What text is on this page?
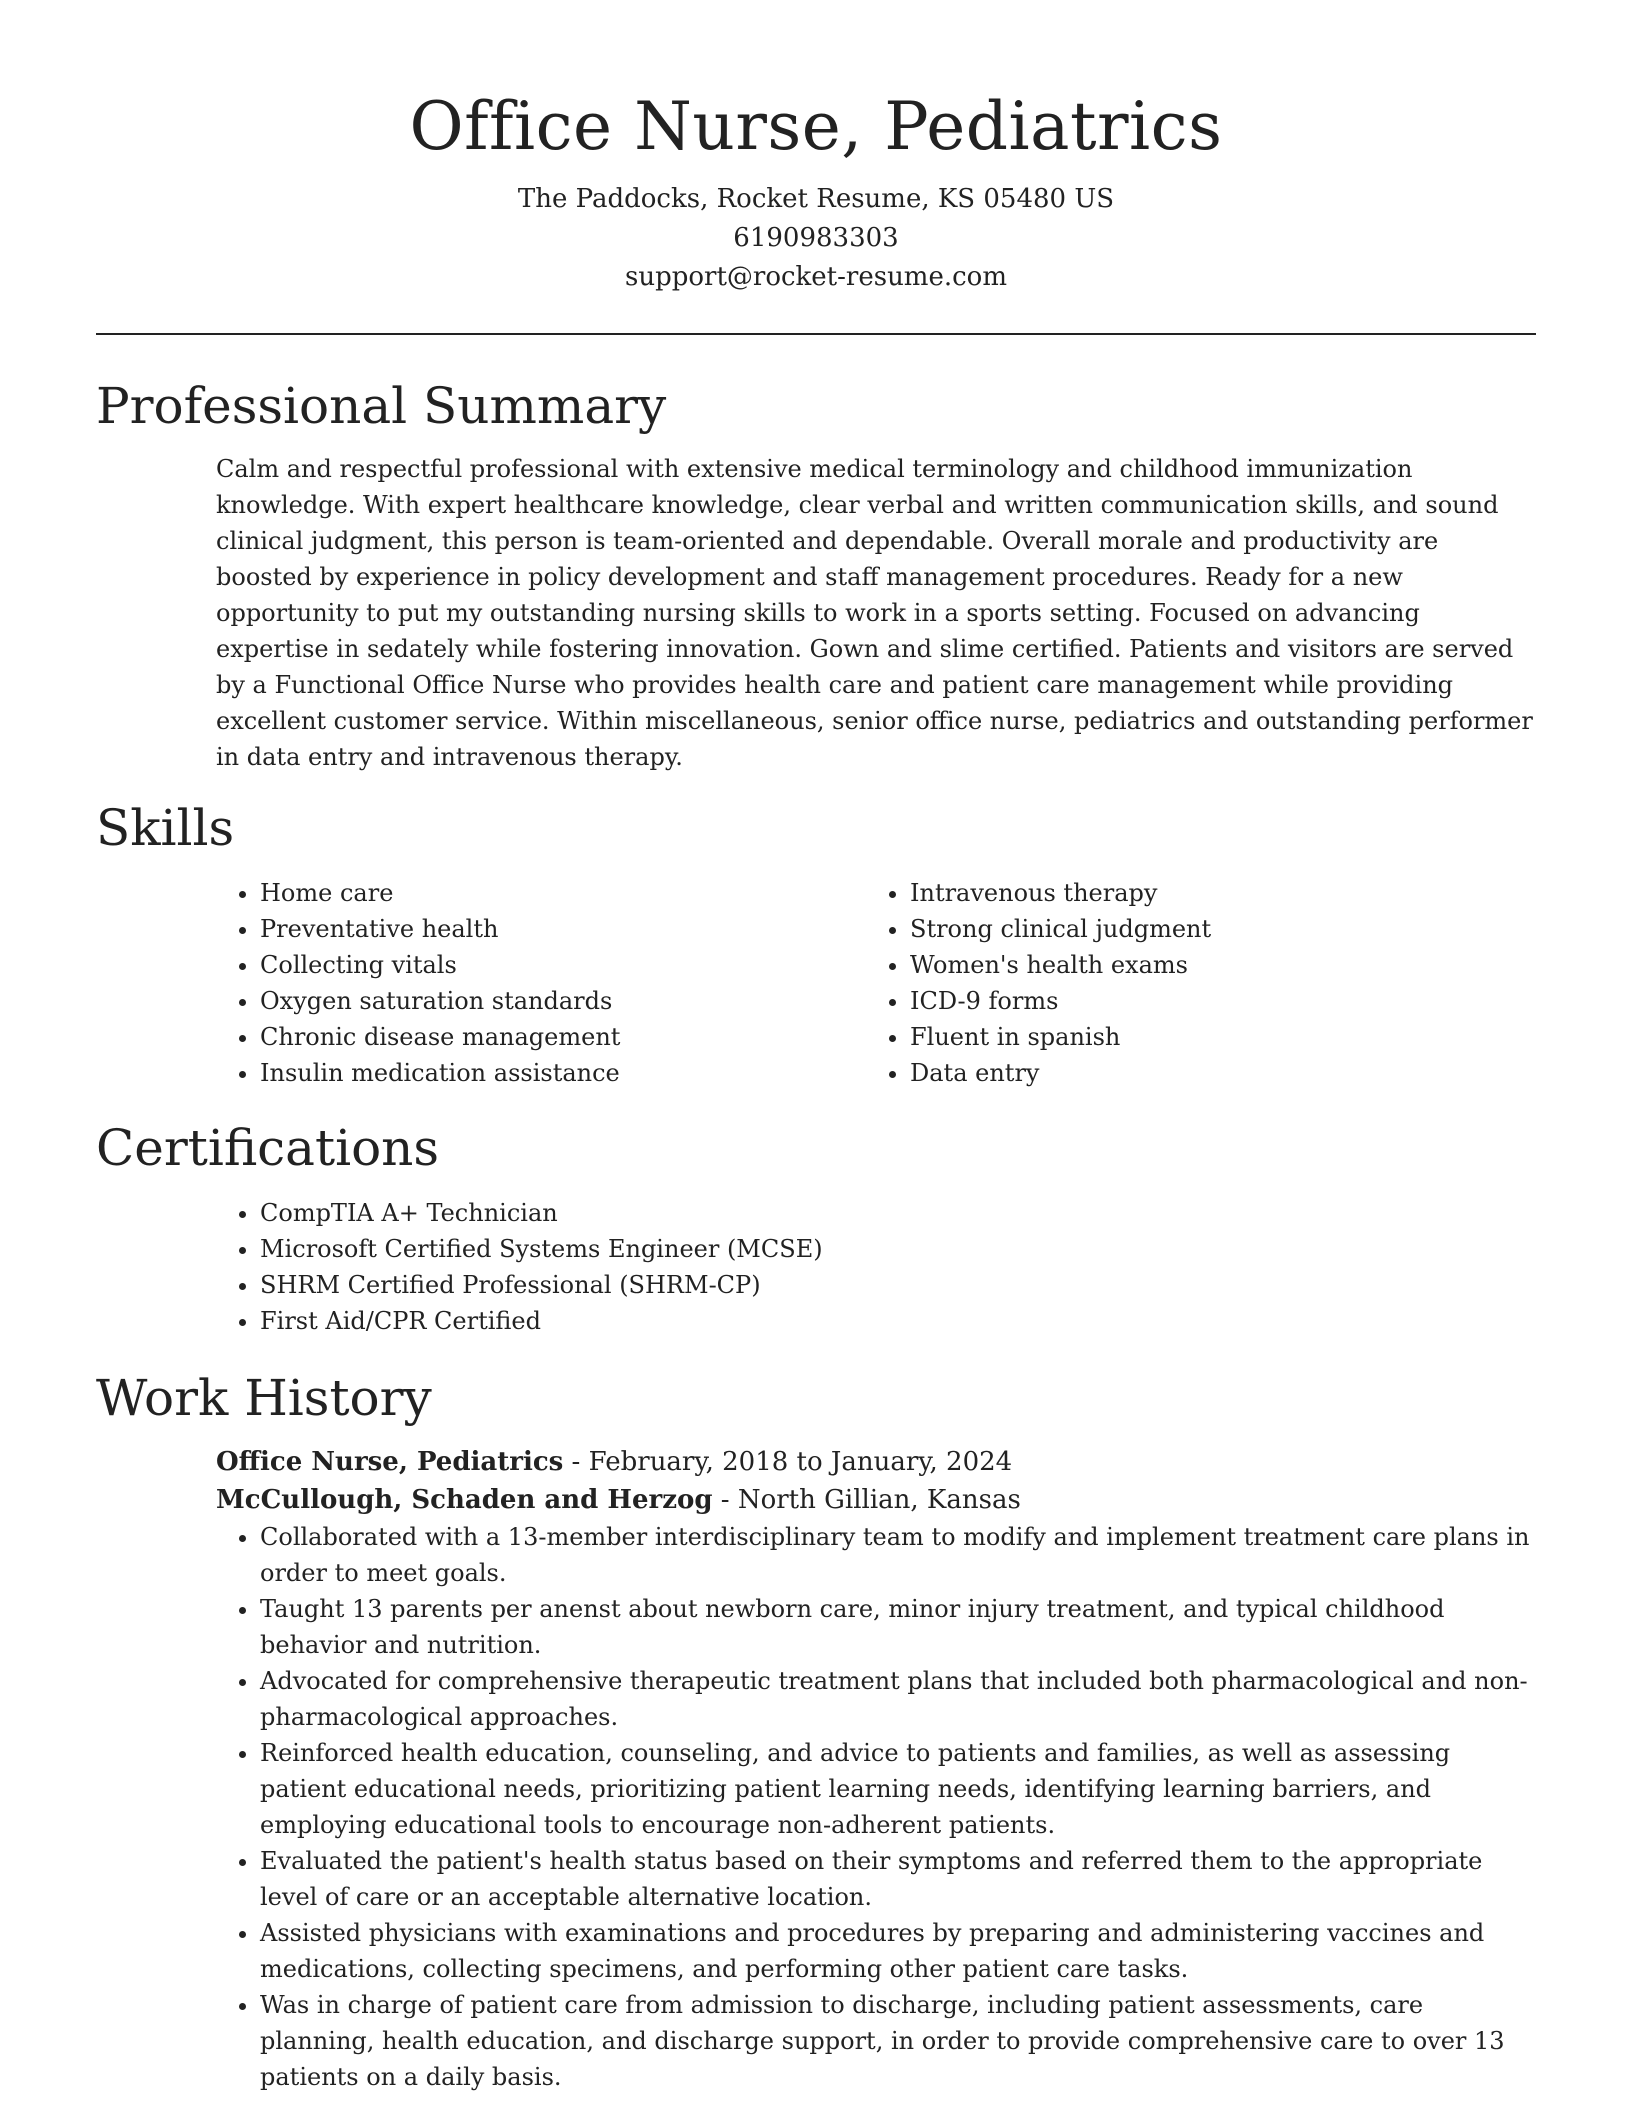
Office Nurse, Pediatrics
The Paddocks, Rocket Resume, KS 05480 US
6190983303
support@rocket-resume.com
Professional Summary

Calm and respectful professional with extensive medical terminology and childhood immunization knowledge. With expert healthcare knowledge, clear verbal and written communication skills, and sound clinical judgment, this person is team-oriented and dependable. Overall morale and productivity are boosted by experience in policy development and staff management procedures. Ready for a new opportunity to put my outstanding nursing skills to work in a sports setting. Focused on advancing expertise in sedately while fostering innovation. Gown and slime certified. Patients and visitors are served by a Functional Office Nurse who provides health care and patient care management while providing excellent customer service. Within miscellaneous, senior office nurse, pediatrics and outstanding performer in data entry and intravenous therapy.

Skills
• Home care
• Preventative health
• Collecting vitals
• Oxygen saturation standards
• Chronic disease management
• Insulin medication assistance
• Intravenous therapy
• Strong clinical judgment
• Women's health exams
• ICD-9 forms
• Fluent in spanish
• Data entry
Certifications
• CompTIA A+ Technician
• Microsoft Certified Systems Engineer (MCSE)
• SHRM Certified Professional (SHRM-CP)
• First Aid/CPR Certified
Work History
Office Nurse, Pediatrics - February, 2018 to January, 2024
McCullough, Schaden and Herzog - North Gillian, Kansas
• Collaborated with a 13-member interdisciplinary team to modify and implement treatment care plans in order to meet goals.
• Taught 13 parents per anenst about newborn care, minor injury treatment, and typical childhood behavior and nutrition.
• Advocated for comprehensive therapeutic treatment plans that included both pharmacological and non-pharmacological approaches.
• Reinforced health education, counseling, and advice to patients and families, as well as assessing patient educational needs, prioritizing patient learning needs, identifying learning barriers, and employing educational tools to encourage non-adherent patients.
• Evaluated the patient's health status based on their symptoms and referred them to the appropriate level of care or an acceptable alternative location.
• Assisted physicians with examinations and procedures by preparing and administering vaccines and medications, collecting specimens, and performing other patient care tasks.
• Was in charge of patient care from admission to discharge, including patient assessments, care planning, health education, and discharge support, in order to provide comprehensive care to over 13 patients on a daily basis.
